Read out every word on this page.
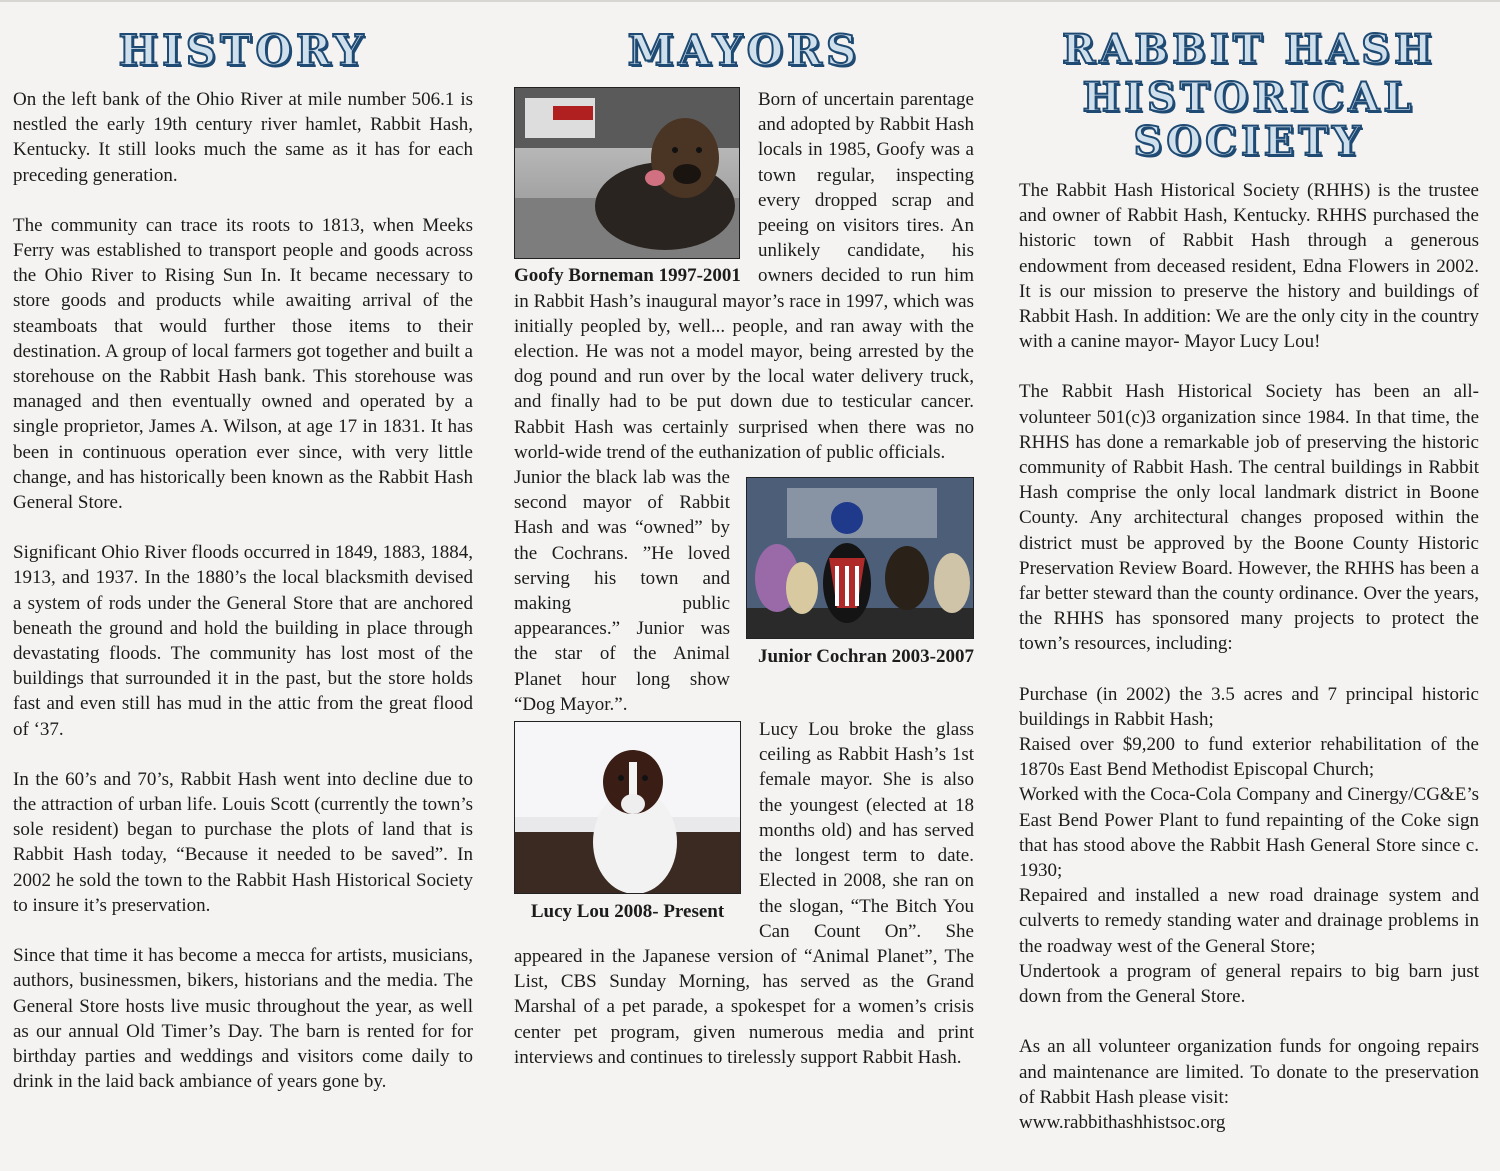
HISTORY

On the left bank of the Ohio River at mile number 506.1 is nestled the early 19th century river hamlet, Rabbit Hash, Kentucky. It still looks much the same as it has for each preceding generation.

The community can trace its roots to 1813, when Meeks Ferry was established to transport people and goods across the Ohio River to Rising Sun In. It became necessary to store goods and products while awaiting arrival of the steamboats that would further those items to their destination. A group of local farmers got together and built a storehouse on the Rabbit Hash bank. This storehouse was managed and then eventually owned and operated by a single proprietor, James A. Wilson, at age 17 in 1831. It has been in continuous operation ever since, with very little change, and has historically been known as the Rabbit Hash General Store.

Significant Ohio River floods occurred in 1849, 1883, 1884, 1913, and 1937. In the 1880’s the local blacksmith devised a system of rods under the General Store that are anchored beneath the ground and hold the building in place through devastating floods. The community has lost most of the buildings that surrounded it in the past, but the store holds fast and even still has mud in the attic from the great flood of ‘37.

In the 60’s and 70’s, Rabbit Hash went into decline due to the attraction of urban life. Louis Scott (currently the town’s sole resident) began to purchase the plots of land that is Rabbit Hash today, “Because it needed to be saved”. In 2002 he sold the town to the Rabbit Hash Historical Society to insure it’s preservation.

Since that time it has become a mecca for artists, musicians, authors, businessmen, bikers, historians and the media. The General Store hosts live music throughout the year, as well as our annual Old Timer’s Day. The barn is rented for for birthday parties and weddings and visitors come daily to drink in the laid back ambiance of years gone by.

MAYORS
Goofy Borneman 1997-2001

Born of uncertain parentage and adopted by Rabbit Hash locals in 1985, Goofy was a town regular, inspecting every dropped scrap and peeing on visitors tires. An unlikely candidate, his owners decided to run him in Rabbit Hash’s inaugural mayor’s race in 1997, which was initially peopled by, well... people, and ran away with the election. He was not a model mayor, being arrested by the dog pound and run over by the local water delivery truck, and finally had to be put down due to testicular cancer. Rabbit Hash was certainly surprised when there was no world-wide trend of the euthanization of public officials.

Junior Cochran 2003-2007

Junior the black lab was the second mayor of Rabbit Hash and was “owned” by the Cochrans. ”He loved serving his town and making public appearances.” Junior was the star of the Animal Planet hour long show “Dog Mayor.”.

Lucy Lou 2008- Present

Lucy Lou broke the glass ceiling as Rabbit Hash’s 1st female mayor. She is also the youngest (elected at 18 months old) and has served the longest term to date. Elected in 2008, she ran on the slogan, “The Bitch You Can Count On”. She appeared in the Japanese version of “Animal Planet”, The List, CBS Sunday Morning, has served as the Grand Marshal of a pet parade, a spokespet for a women’s crisis center pet program, given numerous media and print interviews and continues to tirelessly support Rabbit Hash.

RABBIT HASH
HISTORICAL SOCIETY

The Rabbit Hash Historical Society (RHHS) is the trustee and owner of Rabbit Hash, Kentucky. RHHS purchased the historic town of Rabbit Hash through a generous endowment from deceased resident, Edna Flowers in 2002. It is our mission to preserve the history and buildings of Rabbit Hash. In addition: We are the only city in the country with a canine mayor- Mayor Lucy Lou!

The Rabbit Hash Historical Society has been an all-volunteer 501(c)3 organization since 1984. In that time, the RHHS has done a remarkable job of preserving the historic community of Rabbit Hash. The central buildings in Rabbit Hash comprise the only local landmark district in Boone County. Any architectural changes proposed within the district must be approved by the Boone County Historic Preservation Review Board. However, the RHHS has been a far better steward than the county ordinance. Over the years, the RHHS has sponsored many projects to protect the town’s resources, including:

Purchase (in 2002) the 3.5 acres and 7 principal historic buildings in Rabbit Hash;

Raised over $9,200 to fund exterior rehabilitation of the 1870s East Bend Methodist Episcopal Church;

Worked with the Coca-Cola Company and Cinergy/CG&E’s East Bend Power Plant to fund repainting of the Coke sign that has stood above the Rabbit Hash General Store since c. 1930;

Repaired and installed a new road drainage system and culverts to remedy standing water and drainage problems in the roadway west of the General Store;

Undertook a program of general repairs to big barn just down from the General Store.

As an all volunteer organization funds for ongoing repairs and maintenance are limited. To donate to the preservation of Rabbit Hash please visit:

www.rabbithashhistsoc.org
